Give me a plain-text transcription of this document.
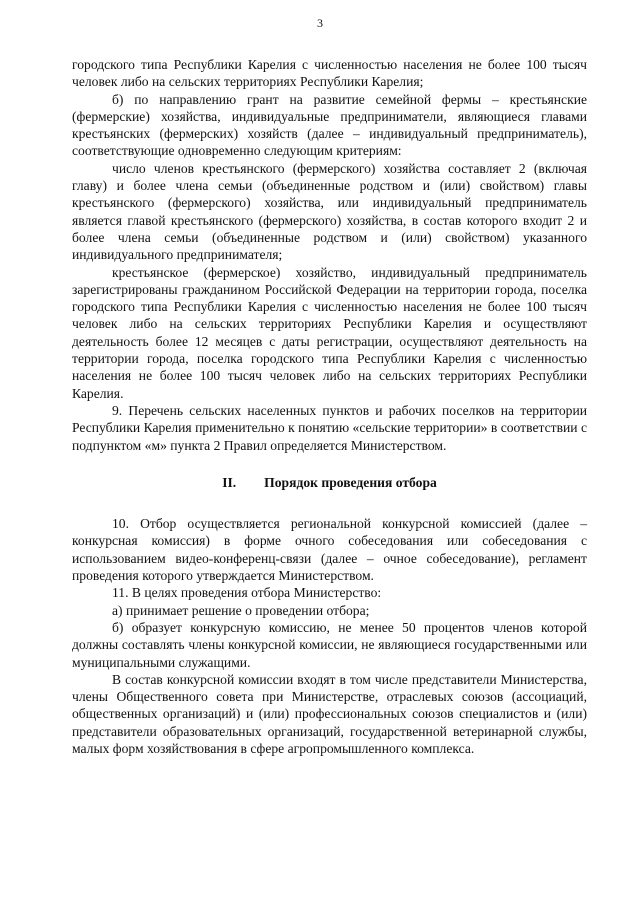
3

городского типа Республики Карелия с численностью населения не более 100 тысяч человек либо на сельских территориях Республики Карелия;

б) по направлению грант на развитие семейной фермы – крестьянские (фермерские) хозяйства, индивидуальные предприниматели, являющиеся главами крестьянских (фермерских) хозяйств (далее – индивидуальный предприниматель), соответствующие одновременно следующим критериям:

число членов крестьянского (фермерского) хозяйства составляет 2 (включая главу) и более члена семьи (объединенные родством и (или) свойством) главы крестьянского (фермерского) хозяйства, или индивидуальный предприниматель является главой крестьянского (фермерского) хозяйства, в состав которого входит 2 и более члена семьи (объединенные родством и (или) свойством) указанного индивидуального предпринимателя;

крестьянское (фермерское) хозяйство, индивидуальный предприниматель зарегистрированы гражданином Российской Федерации на территории города, поселка городского типа Республики Карелия с численностью населения не более 100 тысяч человек либо на сельских территориях Республики Карелия и осуществляют деятельность более 12 месяцев с даты регистрации, осуществляют деятельность на территории города, поселка городского типа Республики Карелия с численностью населения не более 100 тысяч человек либо на сельских территориях Республики Карелия.

9. Перечень сельских населенных пунктов и рабочих поселков на территории Республики Карелия применительно к понятию «сельские территории» в соответствии с подпунктом «м» пункта 2 Правил определяется Министерством.

II. Порядок проведения отбора

10. Отбор осуществляется региональной конкурсной комиссией (далее – конкурсная комиссия) в форме очного собеседования или собеседования с использованием видео-конференц-связи (далее – очное собеседование), регламент проведения которого утверждается Министерством.

11. В целях проведения отбора Министерство:

а) принимает решение о проведении отбора;

б) образует конкурсную комиссию, не менее 50 процентов членов которой должны составлять члены конкурсной комиссии, не являющиеся государственными или муниципальными служащими.

В состав конкурсной комиссии входят в том числе представители Министерства, члены Общественного совета при Министерстве, отраслевых союзов (ассоциаций, общественных организаций) и (или) профессиональных союзов специалистов и (или) представители образовательных организаций, государственной ветеринарной службы, малых форм хозяйствования в сфере агропромышленного комплекса.
